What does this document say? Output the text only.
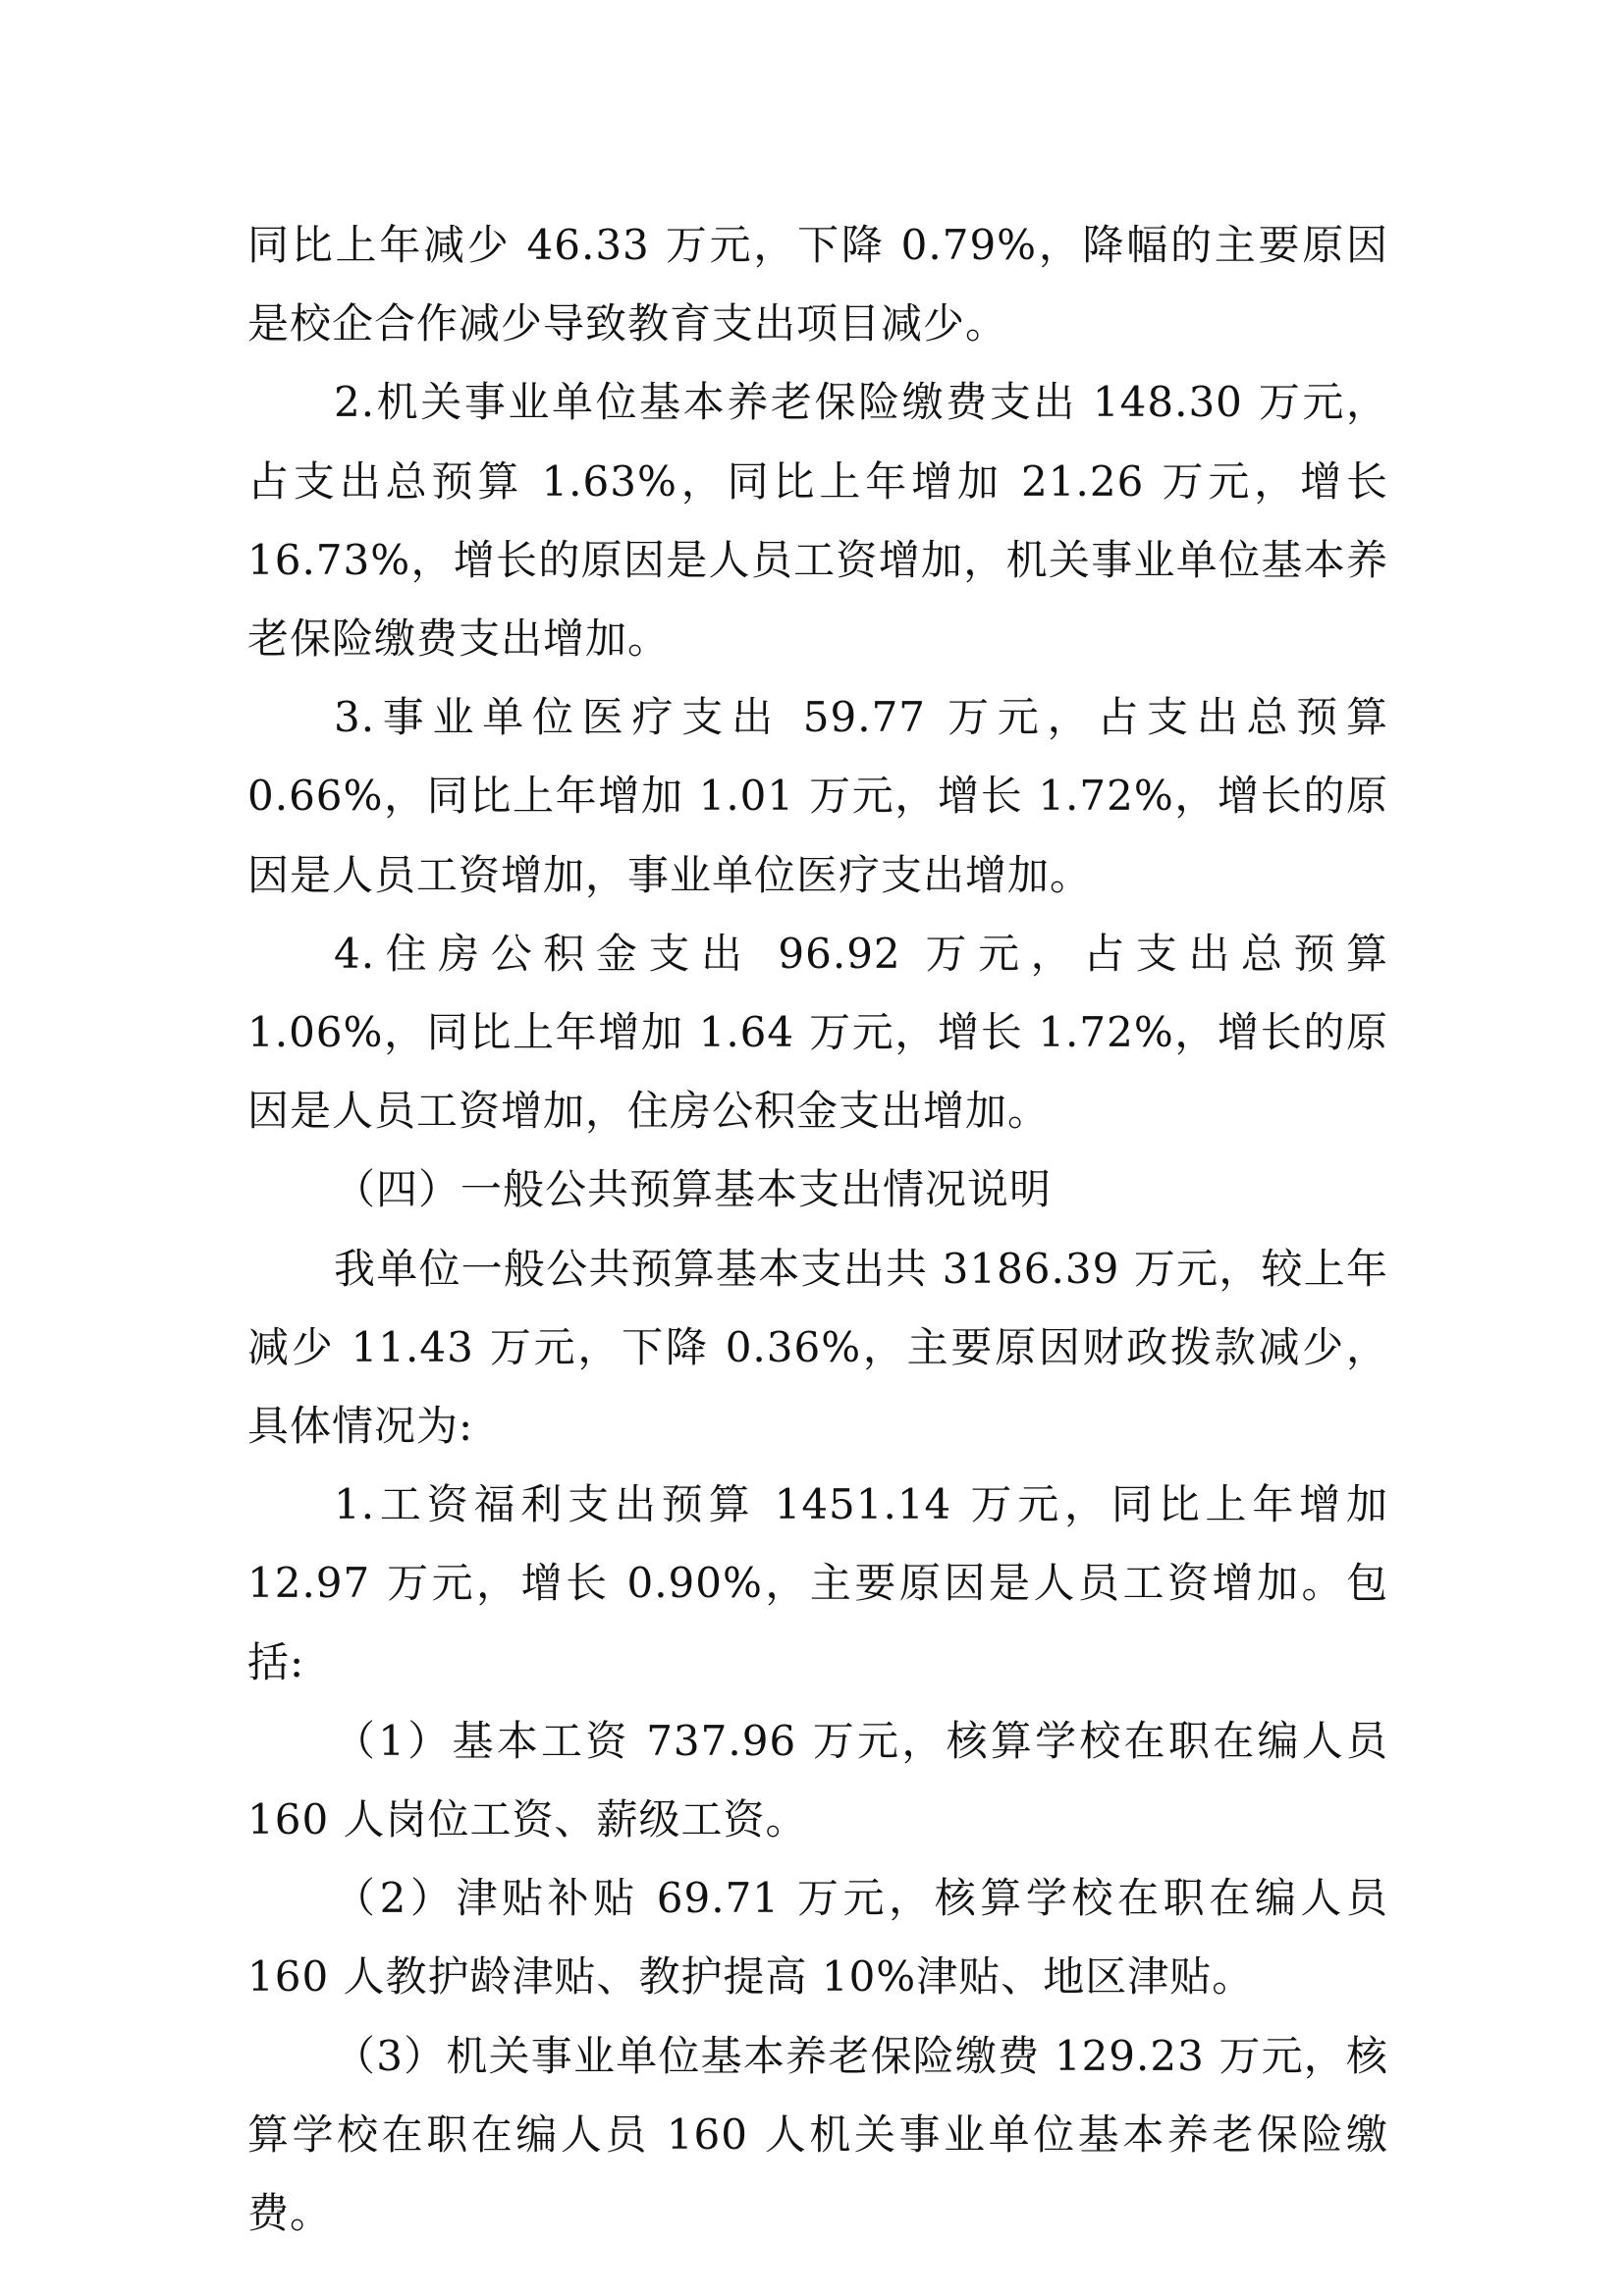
同比上年减少 46.33 万元，下降 0.79%，降幅的主要原因是校企合作减少导致教育支出项目减少。

2.机关事业单位基本养老保险缴费支出 148.30 万元，占支出总预算 1.63%，同比上年增加 21.26 万元，增长 16.73%，增长的原因是人员工资增加，机关事业单位基本养老保险缴费支出增加。

3.事业单位医疗支出 59.77 万元，占支出总预算 0.66%，同比上年增加 1.01 万元，增长 1.72%，增长的原因是人员工资增加，事业单位医疗支出增加。

4.住房公积金支出 96.92 万元，占支出总预算 1.06%，同比上年增加 1.64 万元，增长 1.72%，增长的原因是人员工资增加，住房公积金支出增加。

（四）一般公共预算基本支出情况说明

我单位一般公共预算基本支出共 3186.39 万元，较上年减少 11.43 万元，下降 0.36%，主要原因财政拨款减少，具体情况为:

1.工资福利支出预算 1451.14 万元，同比上年增加 12.97 万元，增长 0.90%，主要原因是人员工资增加。包括:

（1）基本工资 737.96 万元，核算学校在职在编人员 160 人岗位工资、薪级工资。

（2）津贴补贴 69.71 万元，核算学校在职在编人员 160 人教护龄津贴、教护提高 10%津贴、地区津贴。

（3）机关事业单位基本养老保险缴费 129.23 万元，核算学校在职在编人员 160 人机关事业单位基本养老保险缴费。
